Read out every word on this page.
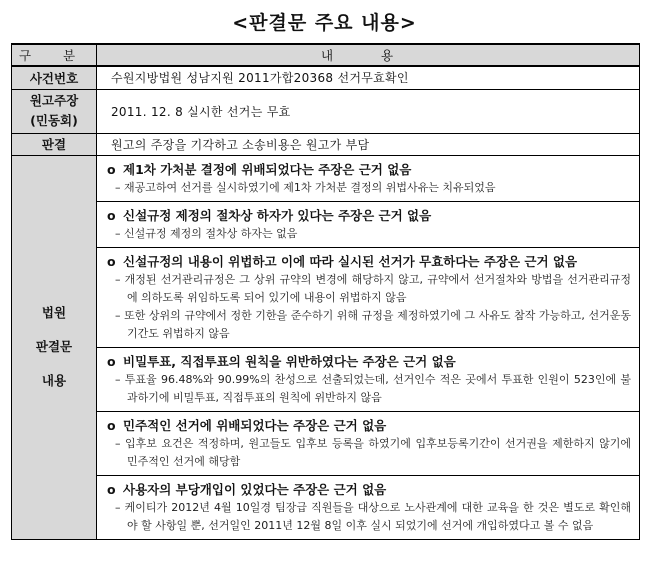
<판결문 주요 내용>
구 분	내 용
사건번호	수원지방법원 성남지원 2011가합20368 선거무효확인

원고주장
(민동회)
	2011. 12. 8 실시한 선거는 무효
판결	원고의 주장을 기각하고 소송비용은 원고가 부담

법원
판결문
내용

o 제1차 가처분 결정에 위배되었다는 주장은 근거 없음
– 재공고하여 선거를 실시하였기에 제1차 가처분 결정의 위법사유는 치유되었음

o 신설규정 제정의 절차상 하자가 있다는 주장은 근거 없음
– 신설규정 제정의 절차상 하자는 없음

o 신설규정의 내용이 위법하고 이에 따라 실시된 선거가 무효하다는 주장은 근거 없음
– 개정된 선거관리규정은 그 상위 규약의 변경에 해당하지 않고, 규약에서 선거절차와 방법을 선거관리규정에 의하도록 위임하도록 되어 있기에 내용이 위법하지 않음
– 또한 상위의 규약에서 정한 기한을 준수하기 위해 규정을 제정하였기에 그 사유도 참작 가능하고, 선거운동 기간도 위법하지 않음

o 비밀투표, 직접투표의 원칙을 위반하였다는 주장은 근거 없음
– 투표율 96.48%와 90.99%의 찬성으로 선출되었는데, 선거인수 적은 곳에서 투표한 인원이 523인에 불과하기에 비밀투표, 직접투표의 원칙에 위반하지 않음

o 민주적인 선거에 위배되었다는 주장은 근거 없음
– 입후보 요건은 적정하며, 원고들도 입후보 등록을 하였기에 입후보등록기간이 선거권을 제한하지 않기에 민주적인 선거에 해당함

o 사용자의 부당개입이 있었다는 주장은 근거 없음
– 케이티가 2012년 4월 10일경 팀장급 직원들을 대상으로 노사관계에 대한 교육을 한 것은 별도로 확인해야 할 사항일 뿐, 선거일인 2011년 12월 8일 이후 실시 되었기에 선거에 개입하였다고 볼 수 없음
